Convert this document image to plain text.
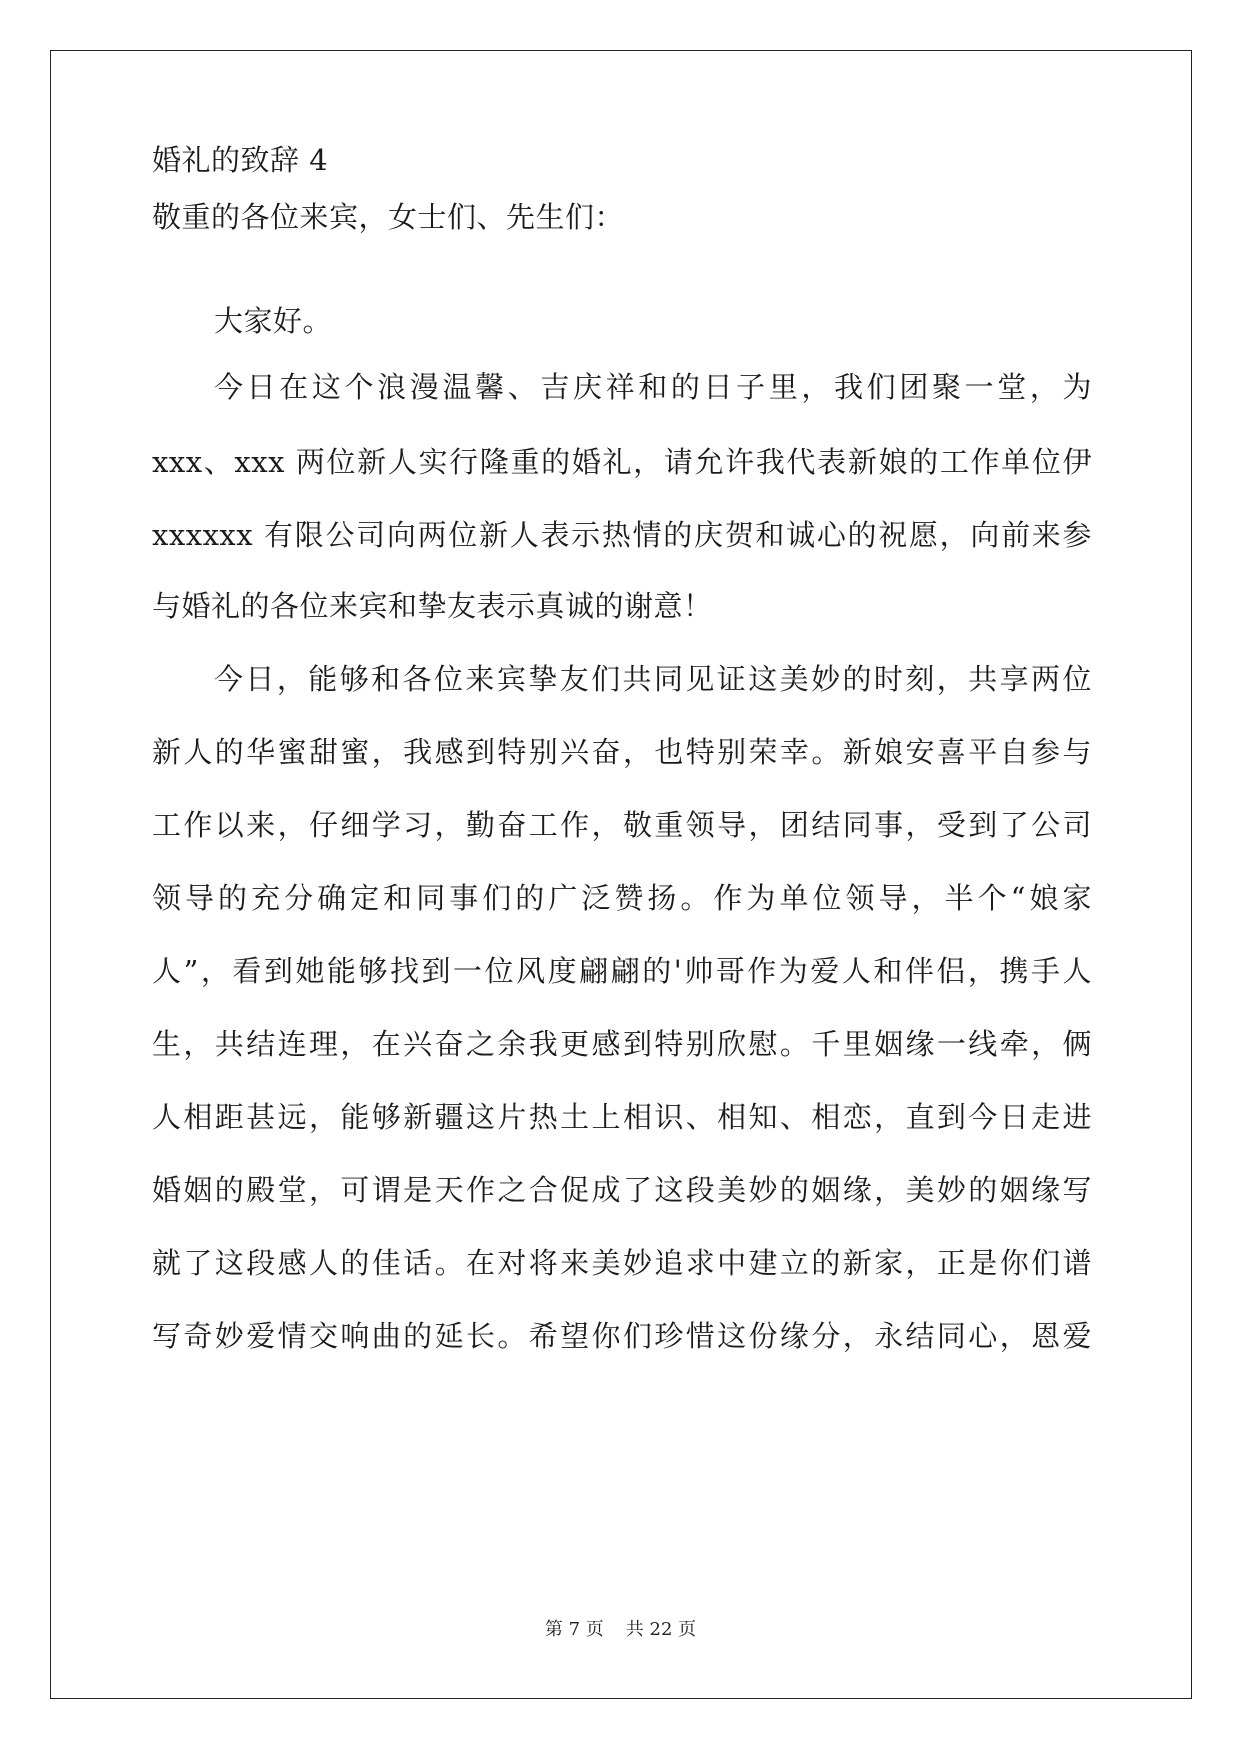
婚礼的致辞 4
敬重的各位来宾，女士们、先生们：
大家好。
今日在这个浪漫温馨、吉庆祥和的日子里，我们团聚一堂，为
xxx、xxx 两位新人实行隆重的婚礼，请允许我代表新娘的工作单位伊
xxxxxx 有限公司向两位新人表示热情的庆贺和诚心的祝愿，向前来参
与婚礼的各位来宾和挚友表示真诚的谢意！
今日，能够和各位来宾挚友们共同见证这美妙的时刻，共享两位
新人的华蜜甜蜜，我感到特别兴奋，也特别荣幸。新娘安喜平自参与
工作以来，仔细学习，勤奋工作，敬重领导，团结同事，受到了公司
领导的充分确定和同事们的广泛赞扬。作为单位领导，半个“娘家
人”，看到她能够找到一位风度翩翩的'帅哥作为爱人和伴侣，携手人
生，共结连理，在兴奋之余我更感到特别欣慰。千里姻缘一线牵，俩
人相距甚远，能够新疆这片热土上相识、相知、相恋，直到今日走进
婚姻的殿堂，可谓是天作之合促成了这段美妙的姻缘，美妙的姻缘写
就了这段感人的佳话。在对将来美妙追求中建立的新家，正是你们谱
写奇妙爱情交响曲的延长。希望你们珍惜这份缘分，永结同心，恩爱
第 7 页 共 22 页
